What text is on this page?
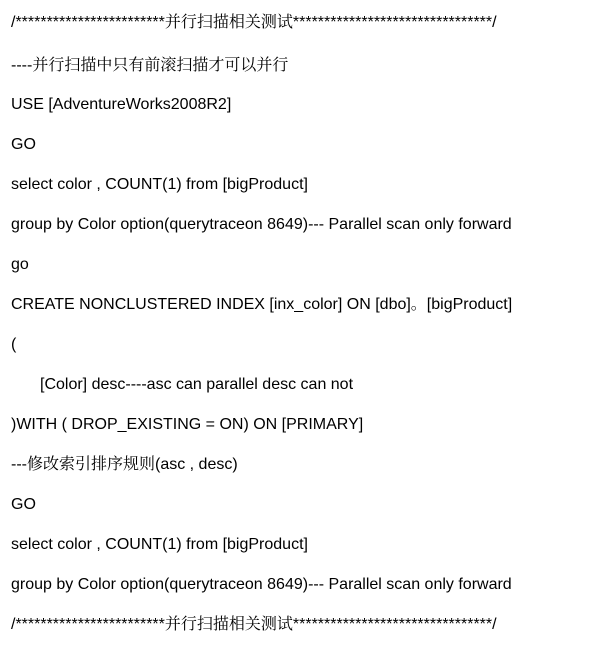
/************************并行扫描相关测试********************************/
----并行扫描中只有前滚扫描才可以并行
USE [AdventureWorks2008R2]
GO
select color , COUNT(1) from [bigProduct]
group by Color option(querytraceon 8649)--- Parallel scan only forward
go
CREATE NONCLUSTERED INDEX [inx_color] ON [dbo]。[bigProduct]
(
[Color] desc----asc can parallel desc can not
)WITH ( DROP_EXISTING = ON) ON [PRIMARY]
---修改索引排序规则(asc , desc)
GO
select color , COUNT(1) from [bigProduct]
group by Color option(querytraceon 8649)--- Parallel scan only forward
/************************并行扫描相关测试********************************/
